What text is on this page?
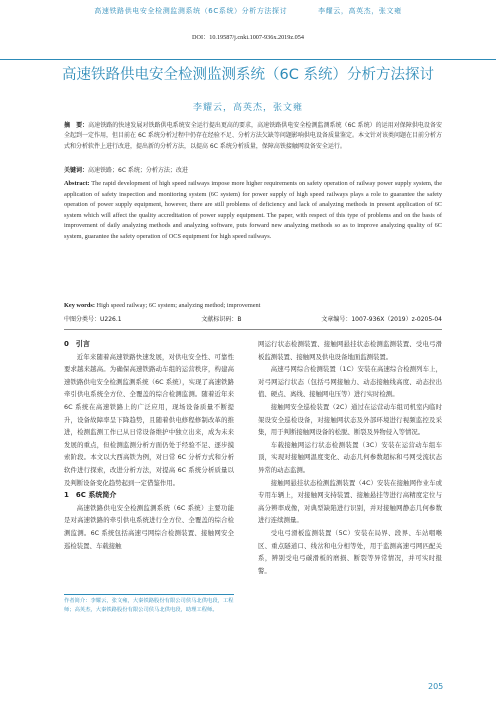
高速铁路供电安全检测监测系统（6C系统）分析方法探讨	李耀云，高英杰，张文雍
DOI：10.19587/j.cnki.1007-936x.2019z.054
高速铁路供电安全检测监测系统（6C 系统）分析方法探讨
李耀云，高英杰，张文雍
摘　要：高速铁路的快速发展对铁路供电系统安全运行提出更高的要求，高速铁路供电安全检测监测系统（6C 系统）的运用对保障供电设备安全起到一定作用，但目前在 6C 系统分析过程中仍存在经验不足、分析方法欠缺等问题影响供电设备质量鉴定。本文针对该类问题在目前分析方式和分析软件上进行改进，提出新的分析方法，以提高 6C 系统分析质量，保障高铁接触网设备安全运行。
关键词：高速铁路；6C 系统；分析方法；改进
Abstract: The rapid development of high speed railways impose more higher requirements on safety operation of railway power supply system, the application of safety inspection and monitoring system (6C system) for power supply of high speed railways plays a role to guarantee the safety operation of power supply equipment, however, there are still problems of deficiency and lack of analyzing methods in present application of 6C system which will affect the quality accreditation of power supply equipment. The paper, with respect of this type of problems and on the basis of improvement of daily analyzing methods and analyzing software, puts forward new analyzing methods so as to improve analyzing quality of 6C system, guarantee the safety operation of OCS equipment for high speed railways.
Key words: High speed railway; 6C system; analyzing method; improvement
中图分类号：U226.1	文献标识码：B	文章编号：1007-936X（2019）z-0205-04
0　引言

近年来随着高速铁路快速发展，对供电安全性、可靠性要求越来越高。为确保高速铁路动车组的运营秩序，构建高速铁路供电安全检测监测系统（6C 系统），实现了高速铁路牵引供电系统全方位、全覆盖的综合检测监测。随着近年来 6C 系统在高速铁路上的广泛应用，现场设备质量不断提升，设备故障率呈下降趋势，且随着供电修程修制改革的推进，检测监测工作已从日常设备维护中独立出来，成为未来发展的重点，但检测监测分析方面仍处于经验不足、逐步摸索阶段。本文以大西高铁为例，对日常 6C 分析方式和分析软件进行探索，改进分析方法，对提高 6C 系统分析质量以及判断设备变化趋势起到一定借鉴作用。

1　6C 系统简介

高速铁路供电安全检测监测系统（6C 系统）主要功能是对高速铁路的牵引供电系统进行全方位、全覆盖的综合检测监测。6C 系统包括高速弓网综合检测装置、接触网安全巡检装置、车载接触

作者简介：李耀云，张文雍，大秦铁路股份有限公司侯马北供电段，工程师；高英杰，大秦铁路股份有限公司侯马北供电段，助理工程师。

网运行状态检测装置、接触网悬挂状态检测监测装置、受电弓滑板监测装置、接触网及供电设备地面监测装置。

高速弓网综合检测装置（1C）安装在高速综合检测列车上，对弓网运行状态（包括弓网接触力、动态接触线高度、动态拉出值、硬点、离线、接触网电压等）进行实时检测。

接触网安全巡检装置（2C）通过在运营动车组司机室内临时架设安全巡检设备，对接触网状态及外部环境进行视频监控及采集，用于判断接触网设备的松脱、断裂及异物侵入等情况。

车载接触网运行状态检测装置（3C）安装在运营动车组车顶，实现对接触网温度变化、动态几何参数超标和弓网受流状态异常的动态监测。

接触网悬挂状态检测监测装置（4C）安装在接触网作业车或专用车辆上，对接触网支持装置、接触悬挂等进行高精度定位与高分辨率成像，对典型缺陷进行识别，并对接触网静态几何参数进行连续测量。

受电弓滑板监测装置（5C）安装在局界、段界、车站咽喉区、重点隧道口、线岔和电分相等处，用于监测高速弓网匹配关系，辨别受电弓碳滑板的磨损、断裂等异常情况，并可实时报警。

205
